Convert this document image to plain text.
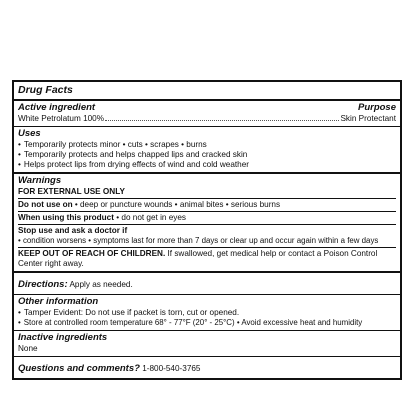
Drug Facts
Active ingredient	Purpose
White Petrolatum 100%	Skin Protectant
Uses
• Temporarily protects minor • cuts • scrapes • burns
• Temporarily protects and helps chapped lips and cracked skin
• Helps protect lips from drying effects of wind and cold weather
Warnings
FOR EXTERNAL USE ONLY
Do not use on • deep or puncture wounds • animal bites • serious burns
When using this product • do not get in eyes
Stop use and ask a doctor if
• condition worsens • symptoms last for more than 7 days or clear up and occur again within a few days
KEEP OUT OF REACH OF CHILDREN. If swallowed, get medical help or contact a Poison Control Center right away.
Directions: Apply as needed.
Other information
• Tamper Evident: Do not use if packet is torn, cut or opened.
• Store at controlled room temperature 68° - 77°F (20° - 25°C) • Avoid excessive heat and humidity
Inactive ingredients
None
Questions and comments? 1-800-540-3765
